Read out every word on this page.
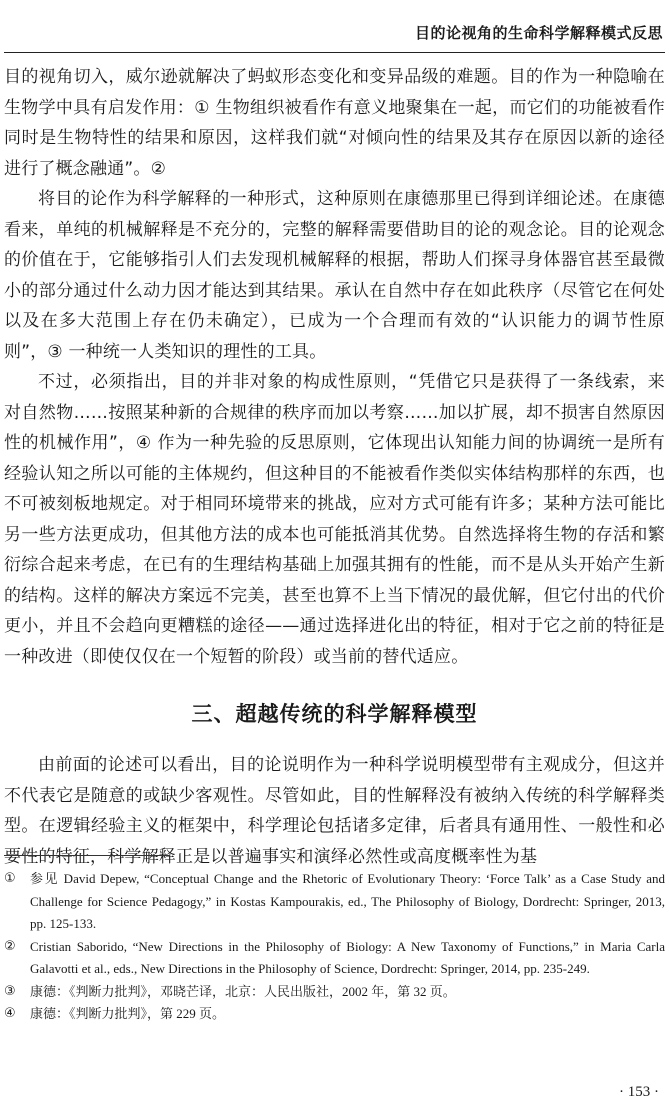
目的论视角的生命科学解释模式反思

目的视角切入，威尔逊就解决了蚂蚁形态变化和变异品级的难题。目的作为一种隐喻在生物学中具有启发作用：① 生物组织被看作有意义地聚集在一起，而它们的功能被看作同时是生物特性的结果和原因，这样我们就“对倾向性的结果及其存在原因以新的途径进行了概念融通”。②

将目的论作为科学解释的一种形式，这种原则在康德那里已得到详细论述。在康德看来，单纯的机械解释是不充分的，完整的解释需要借助目的论的观念论。目的论观念的价值在于，它能够指引人们去发现机械解释的根据，帮助人们探寻身体器官甚至最微小的部分通过什么动力因才能达到其结果。承认在自然中存在如此秩序（尽管它在何处以及在多大范围上存在仍未确定），已成为一个合理而有效的“认识能力的调节性原则”，③ 一种统一人类知识的理性的工具。

不过，必须指出，目的并非对象的构成性原则，“凭借它只是获得了一条线索，来对自然物……按照某种新的合规律的秩序而加以考察……加以扩展，却不损害自然原因性的机械作用”，④ 作为一种先验的反思原则，它体现出认知能力间的协调统一是所有经验认知之所以可能的主体规约，但这种目的不能被看作类似实体结构那样的东西，也不可被刻板地规定。对于相同环境带来的挑战，应对方式可能有许多；某种方法可能比另一些方法更成功，但其他方法的成本也可能抵消其优势。自然选择将生物的存活和繁衍综合起来考虑，在已有的生理结构基础上加强其拥有的性能，而不是从头开始产生新的结构。这样的解决方案远不完美，甚至也算不上当下情况的最优解，但它付出的代价更小，并且不会趋向更糟糕的途径——通过选择进化出的特征，相对于它之前的特征是一种改进（即使仅仅在一个短暂的阶段）或当前的替代适应。

三、超越传统的科学解释模型

由前面的论述可以看出，目的论说明作为一种科学说明模型带有主观成分，但这并不代表它是随意的或缺少客观性。尽管如此，目的性解释没有被纳入传统的科学解释类型。在逻辑经验主义的框架中，科学理论包括诸多定律，后者具有通用性、一般性和必要性的特征，科学解释正是以普遍事实和演绎必然性或高度概率性为基

①	参见 David Depew, “Conceptual Change and the Rhetoric of Evolutionary Theory: ‘Force Talk’ as a Case Study and Challenge for Science Pedagogy,” in Kostas Kampourakis, ed., The Philosophy of Biology, Dordrecht: Springer, 2013, pp. 125-133.

②	Cristian Saborido, “New Directions in the Philosophy of Biology: A New Taxonomy of Functions,” in Maria Carla Galavotti et al., eds., New Directions in the Philosophy of Science, Dordrecht: Springer, 2014, pp. 235-249.

③	康德：《判断力批判》，邓晓芒译，北京：人民出版社，2002 年，第 32 页。

④	康德：《判断力批判》，第 229 页。

· 153 ·
